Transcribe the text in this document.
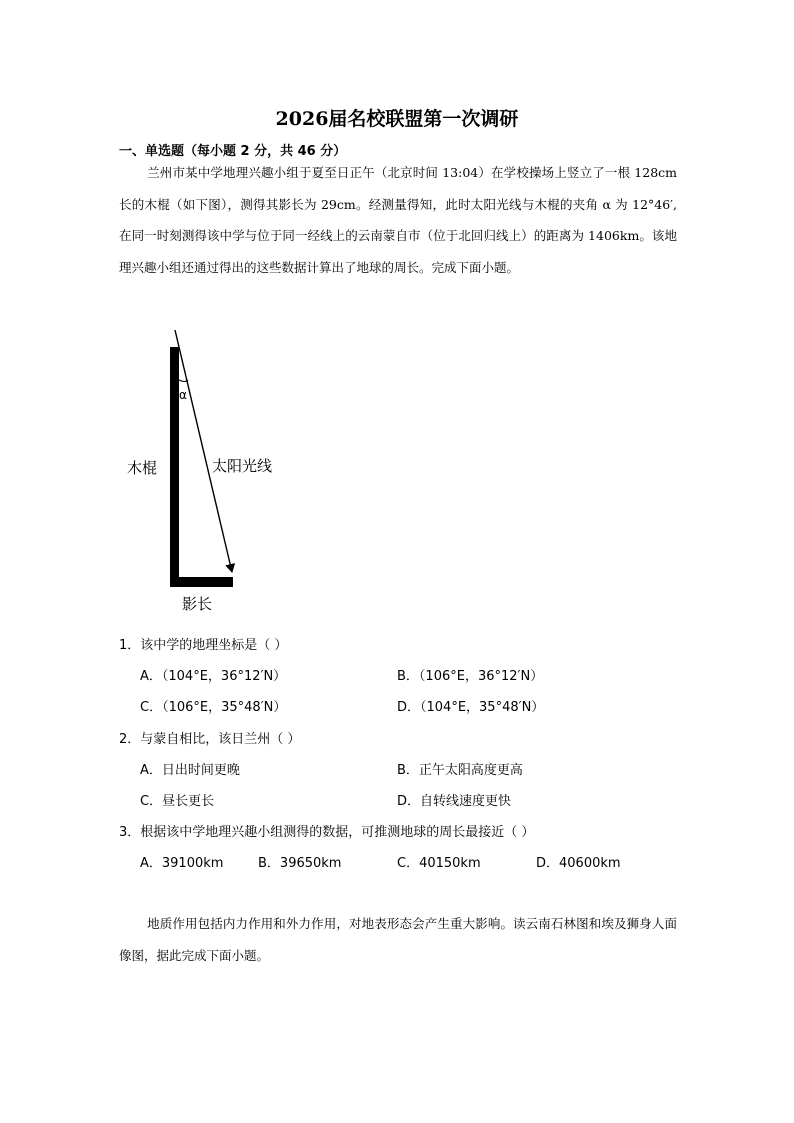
2026届名校联盟第一次调研
一、单选题（每小题 2 分，共 46 分）
兰州市某中学地理兴趣小组于夏至日正午（北京时间 13:04）在学校操场上竖立了一根 128cm 长的木棍（如下图），测得其影长为 29cm。经测量得知，此时太阳光线与木棍的夹角 α 为 12°46′, 在同一时刻测得该中学与位于同一经线上的云南蒙自市（位于北回归线上）的距离为 1406km。该地理兴趣小组还通过得出的这些数据计算出了地球的周长。完成下面小题。
α
木棍	太阳光线
影长
1．该中学的地理坐标是（ ）
A．（104°E，36°12′N）	B．（106°E，36°12′N）
C．（106°E，35°48′N）	D．（104°E，35°48′N）
2．与蒙自相比，该日兰州（ ）
A．日出时间更晚	B．正午太阳高度更高
C．昼长更长	D．自转线速度更快
3．根据该中学地理兴趣小组测得的数据，可推测地球的周长最接近（ ）
A．39100km	B．39650km	C．40150km	D．40600km
地质作用包括内力作用和外力作用，对地表形态会产生重大影响。读云南石林图和埃及狮身人面像图，据此完成下面小题。
